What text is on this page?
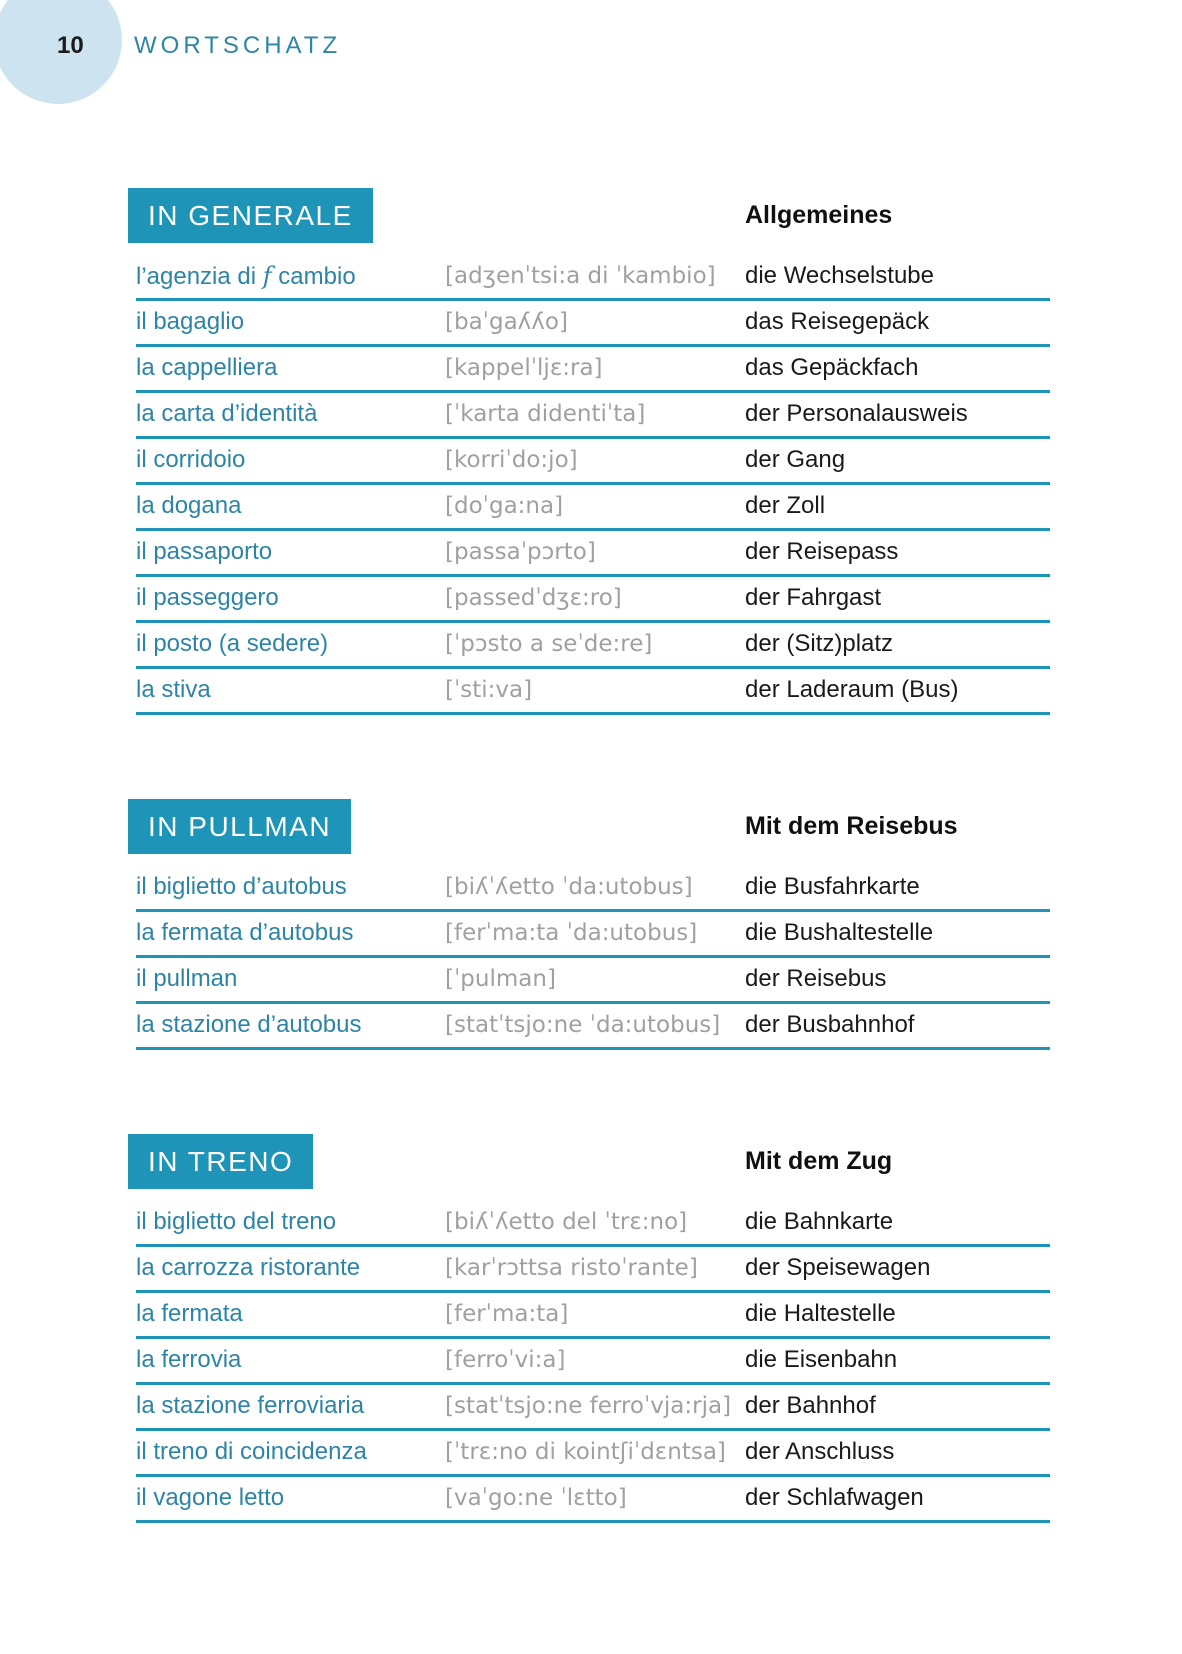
10 WORTSCHATZ
IN GENERALE	Allgemeines
l’agenzia di f cambio	[adʒenˈtsi:a di ˈkambio] die Wechselstube
il bagaglio	[baˈgaʎʎo]	das Reisegepäck
la cappelliera	[kappelˈljɛ:ra]	das Gepäckfach
la carta d’identità	[ˈkarta didentiˈta]	der Personalausweis
il corridoio	[korriˈdo:jo]	der Gang
la dogana	[doˈga:na]	der Zoll
il passaporto	[passaˈpɔrto]	der Reisepass
il passeggero	[passedˈdʒɛ:ro]	der Fahrgast
il posto (a sedere)	[ˈpɔsto a seˈde:re]	der (Sitz)platz
la stiva	[ˈsti:va]	der Laderaum (Bus)
IN PULLMAN	Mit dem Reisebus
il biglietto d’autobus	[biʎˈʎetto ˈda:utobus] die Busfahrkarte
la fermata d’autobus	[ferˈma:ta ˈda:utobus] die Bushaltestelle
il pullman	[ˈpulman]	der Reisebus
la stazione d’autobus	[statˈtsjo:ne ˈda:utobus] der Busbahnhof
IN TRENO	Mit dem Zug
il biglietto del treno	[biʎˈʎetto del ˈtrɛ:no] die Bahnkarte
la carrozza ristorante	[karˈrɔttsa ristoˈrante] der Speisewagen
la fermata	[ferˈma:ta]	die Haltestelle
la ferrovia	[ferroˈvi:a]	die Eisenbahn
la stazione ferroviaria	[statˈtsjo:ne ferroˈvja:rja] der Bahnhof
il treno di coincidenza	[ˈtrɛ:no di kointʃiˈdɛntsa] der Anschluss
il vagone letto	[vaˈgo:ne ˈlɛtto]	der Schlafwagen
